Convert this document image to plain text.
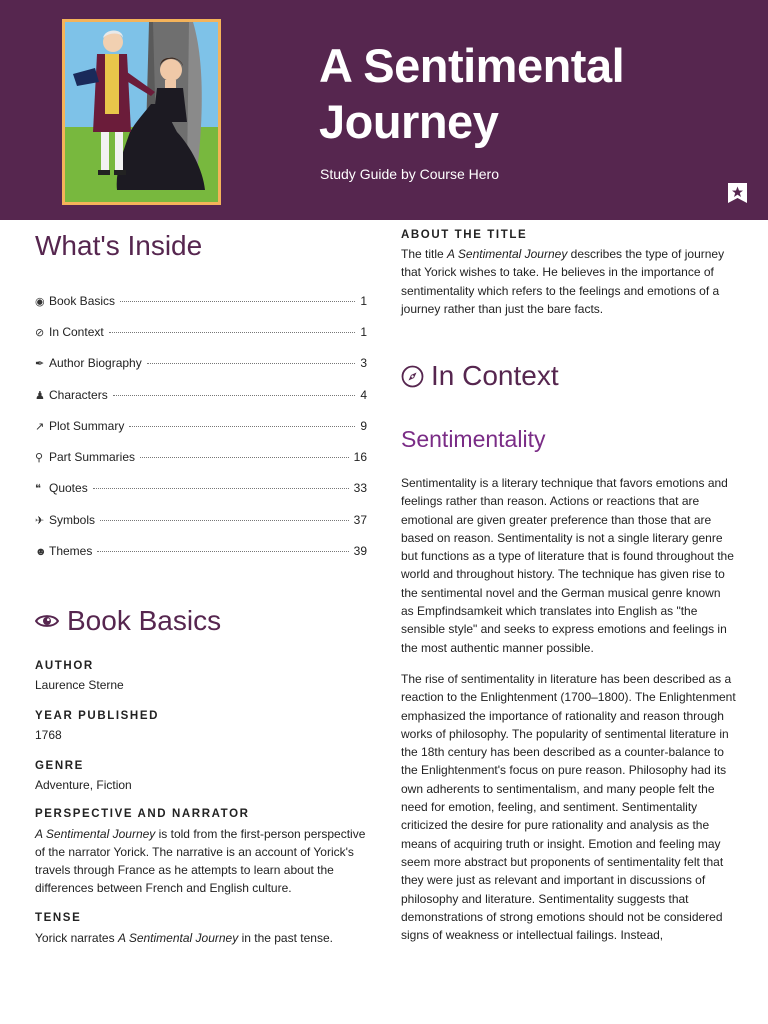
A Sentimental Journey

Study Guide by Course Hero

What's Inside
◉ Book Basics	1
⊘ In Context	1
✒ Author Biography	3
♟ Characters	4
↗ Plot Summary	9
⚲ Part Summaries	16
❝ Quotes	33
✈ Symbols	37
☻ Themes	39
Book Basics

AUTHOR

Laurence Sterne

YEAR PUBLISHED

1768

GENRE

Adventure, Fiction

PERSPECTIVE AND NARRATOR

A Sentimental Journey is told from the first-person perspective of the narrator Yorick. The narrative is an account of Yorick's travels through France as he attempts to learn about the differences between French and English culture.

TENSE

Yorick narrates A Sentimental Journey in the past tense.

ABOUT THE TITLE

The title A Sentimental Journey describes the type of journey that Yorick wishes to take. He believes in the importance of sentimentality which refers to the feelings and emotions of a journey rather than just the bare facts.

In Context
Sentimentality

Sentimentality is a literary technique that favors emotions and feelings rather than reason. Actions or reactions that are emotional are given greater preference than those that are based on reason. Sentimentality is not a single literary genre but functions as a type of literature that is found throughout the world and throughout history. The technique has given rise to the sentimental novel and the German musical genre known as Empfindsamkeit which translates into English as "the sensible style" and seeks to express emotions and feelings in the most authentic manner possible.

The rise of sentimentality in literature has been described as a reaction to the Enlightenment (1700–1800). The Enlightenment emphasized the importance of rationality and reason through works of philosophy. The popularity of sentimental literature in the 18th century has been described as a counter-balance to the Enlightenment's focus on pure reason. Philosophy had its own adherents to sentimentalism, and many people felt the need for emotion, feeling, and sentiment. Sentimentality criticized the desire for pure rationality and analysis as the means of acquiring truth or insight. Emotion and feeling may seem more abstract but proponents of sentimentality felt that they were just as relevant and important in discussions of philosophy and literature. Sentimentality suggests that demonstrations of strong emotions should not be considered signs of weakness or intellectual failings. Instead,
